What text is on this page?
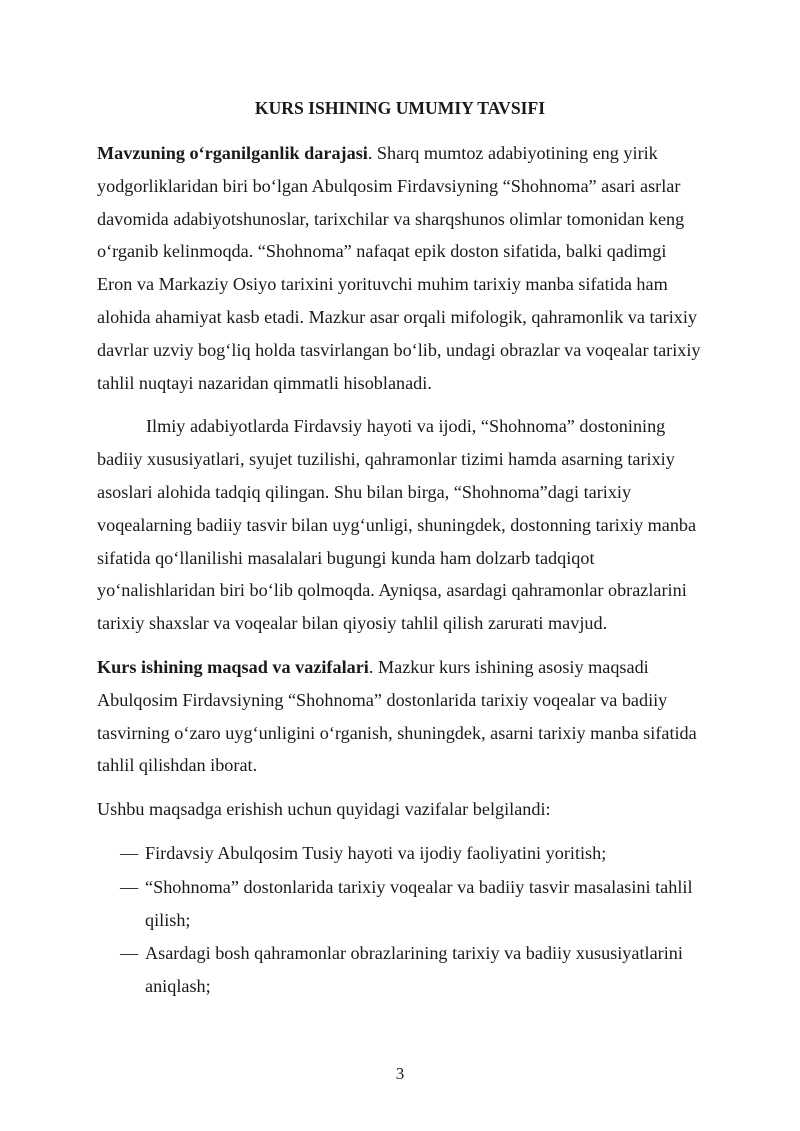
KURS ISHINING UMUMIY TAVSIFI

Mavzuning o‘rganilganlik darajasi. Sharq mumtoz adabiyotining eng yirik yodgorliklaridan biri bo‘lgan Abulqosim Firdavsiyning “Shohnoma” asari asrlar davomida adabiyotshunoslar, tarixchilar va sharqshunos olimlar tomonidan keng o‘rganib kelinmoqda. “Shohnoma” nafaqat epik doston sifatida, balki qadimgi Eron va Markaziy Osiyo tarixini yorituvchi muhim tarixiy manba sifatida ham alohida ahamiyat kasb etadi. Mazkur asar orqali mifologik, qahramonlik va tarixiy davrlar uzviy bog‘liq holda tasvirlangan bo‘lib, undagi obrazlar va voqealar tarixiy tahlil nuqtayi nazaridan qimmatli hisoblanadi.

Ilmiy adabiyotlarda Firdavsiy hayoti va ijodi, “Shohnoma” dostonining badiiy xususiyatlari, syujet tuzilishi, qahramonlar tizimi hamda asarning tarixiy asoslari alohida tadqiq qilingan. Shu bilan birga, “Shohnoma”dagi tarixiy voqealarning badiiy tasvir bilan uyg‘unligi, shuningdek, dostonning tarixiy manba sifatida qo‘llanilishi masalalari bugungi kunda ham dolzarb tadqiqot yo‘nalishlaridan biri bo‘lib qolmoqda. Ayniqsa, asardagi qahramonlar obrazlarini tarixiy shaxslar va voqealar bilan qiyosiy tahlil qilish zarurati mavjud.

Kurs ishining maqsad va vazifalari. Mazkur kurs ishining asosiy maqsadi Abulqosim Firdavsiyning “Shohnoma” dostonlarida tarixiy voqealar va badiiy tasvirning o‘zaro uyg‘unligini o‘rganish, shuningdek, asarni tarixiy manba sifatida tahlil qilishdan iborat.

Ushbu maqsadga erishish uchun quyidagi vazifalar belgilandi:

— Firdavsiy Abulqosim Tusiy hayoti va ijodiy faoliyatini yoritish;
— “Shohnoma” dostonlarida tarixiy voqealar va badiiy tasvir masalasini tahlil qilish;
— Asardagi bosh qahramonlar obrazlarining tarixiy va badiiy xususiyatlarini aniqlash;
3
